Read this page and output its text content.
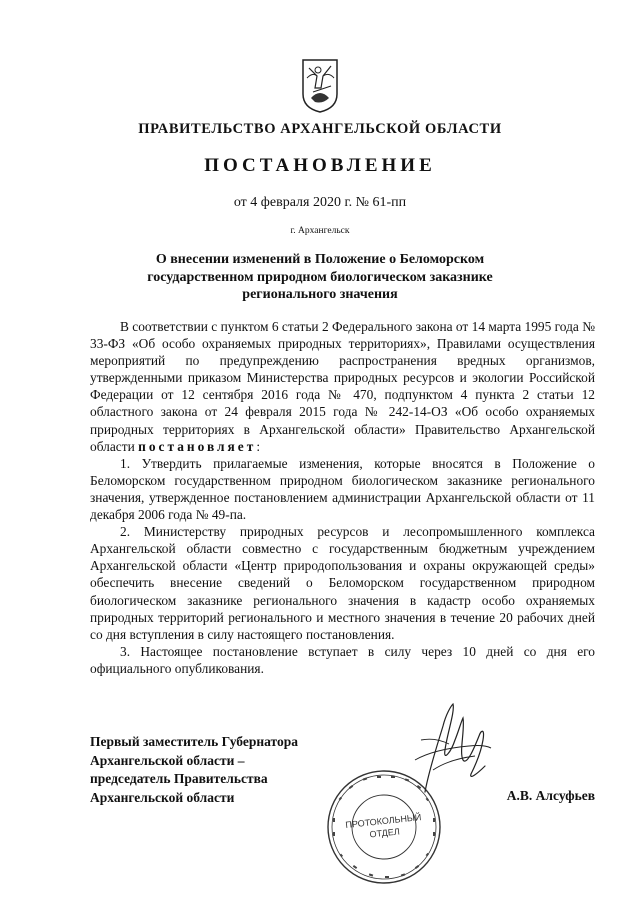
ПРАВИТЕЛЬСТВО АРХАНГЕЛЬСКОЙ ОБЛАСТИ
ПОСТАНОВЛЕНИЕ
от 4 февраля 2020 г. № 61-пп
г. Архангельск
О внесении изменений в Положение о Беломорском государственном природном биологическом заказнике регионального значения

В соответствии с пунктом 6 статьи 2 Федерального закона от 14 марта 1995 года № 33-ФЗ «Об особо охраняемых природных территориях», Правилами осуществления мероприятий по предупреждению распространения вредных организмов, утвержденными приказом Министерства природных ресурсов и экологии Российской Федерации от 12 сентября 2016 года № 470, подпунктом 4 пункта 2 статьи 12 областного закона от 24 февраля 2015 года № 242-14-ОЗ «Об особо охраняемых природных территориях в Архангельской области» Правительство Архангельской области постановляет:

1. Утвердить прилагаемые изменения, которые вносятся в Положение о Беломорском государственном природном биологическом заказнике регионального значения, утвержденное постановлением администрации Архангельской области от 11 декабря 2006 года № 49-па.

2. Министерству природных ресурсов и лесопромышленного комплекса Архангельской области совместно с государственным бюджетным учреждением Архангельской области «Центр природопользования и охраны окружающей среды» обеспечить внесение сведений о Беломорском государственном природном биологическом заказнике регионального значения в кадастр особо охраняемых природных территорий регионального и местного значения в течение 20 рабочих дней со дня вступления в силу настоящего постановления.

3. Настоящее постановление вступает в силу через 10 дней со дня его официального опубликования.

Первый заместитель Губернатора
Архангельской области –
председатель Правительства
Архангельской области	А.В. Алсуфьев
ПРОТОКОЛЬНЫЙ
ОТДЕЛ
